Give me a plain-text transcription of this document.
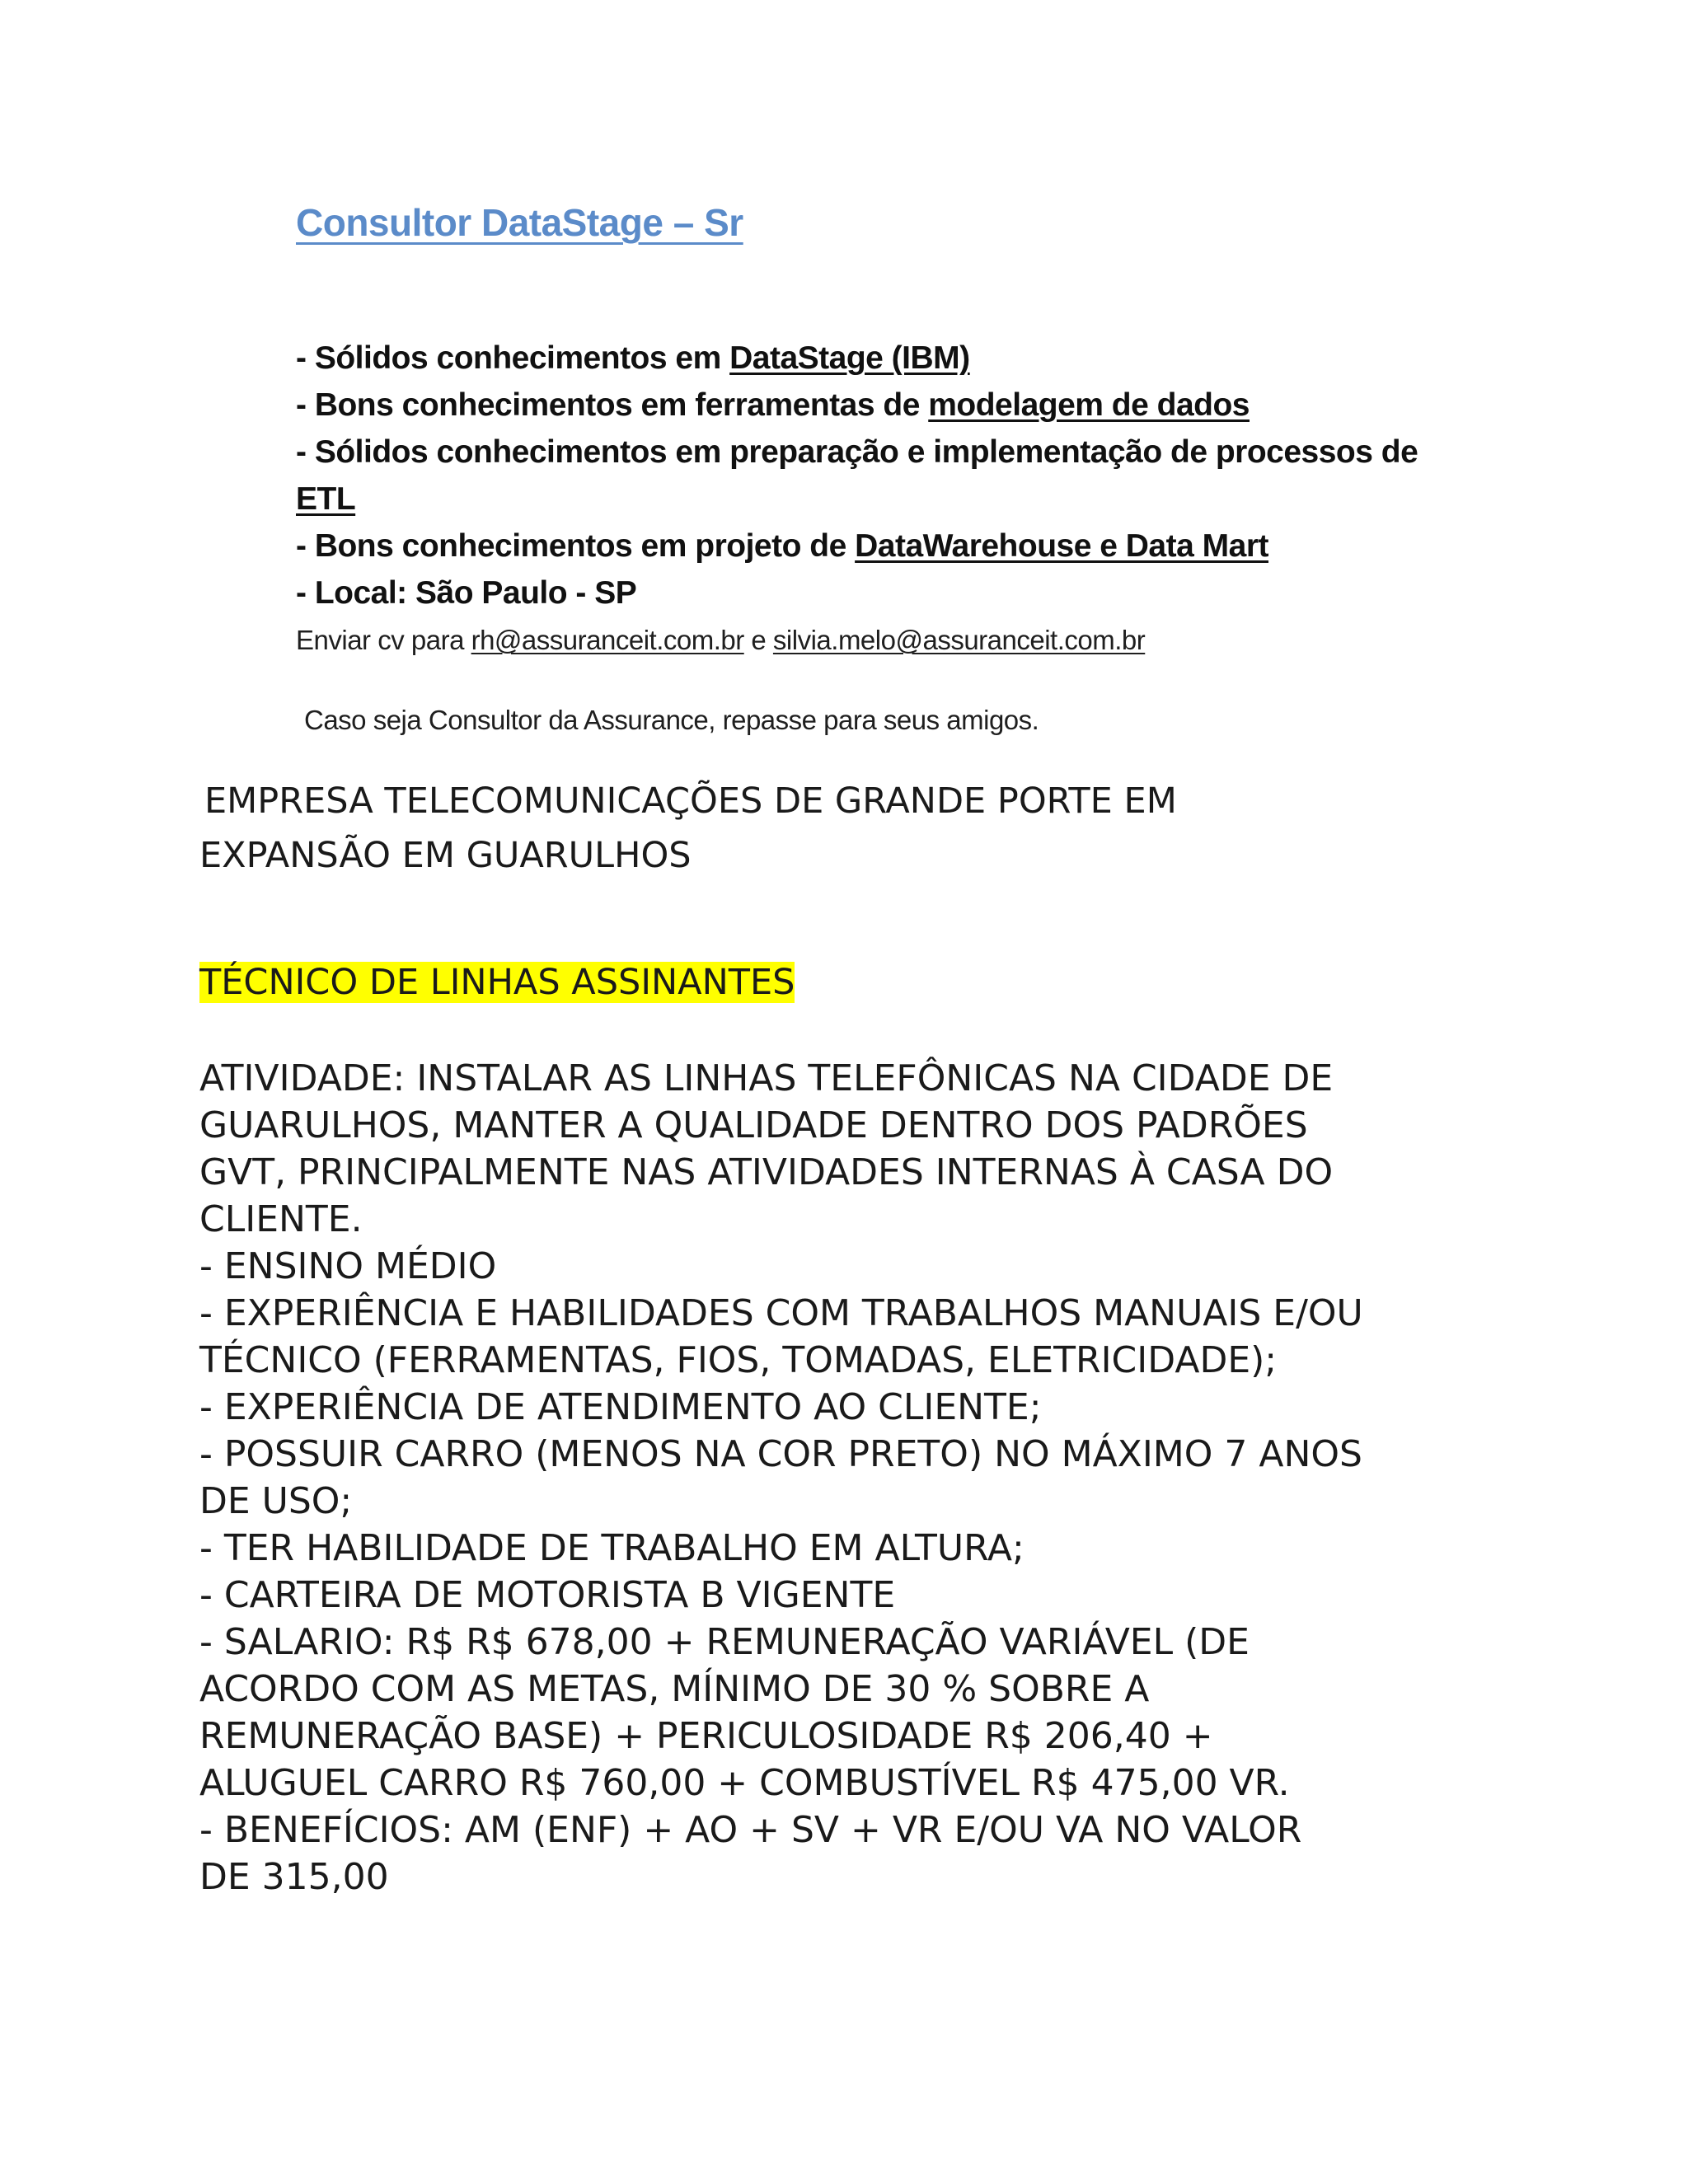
Consultor DataStage – Sr
- Sólidos conhecimentos em DataStage (IBM)
- Bons conhecimentos em ferramentas de modelagem de dados
- Sólidos conhecimentos em preparação e implementação de processos de
ETL
- Bons conhecimentos em projeto de DataWarehouse e Data Mart
- Local: São Paulo - SP
Enviar cv para rh@assuranceit.com.br e silvia.melo@assuranceit.com.br
Caso seja Consultor da Assurance, repasse para seus amigos.
EMPRESA TELECOMUNICAÇÕES DE GRANDE PORTE EM
EXPANSÃO EM GUARULHOS
TÉCNICO DE LINHAS ASSINANTES
ATIVIDADE: INSTALAR AS LINHAS TELEFÔNICAS NA CIDADE DE
GUARULHOS, MANTER A QUALIDADE DENTRO DOS PADRÕES
GVT, PRINCIPALMENTE NAS ATIVIDADES INTERNAS À CASA DO
CLIENTE.
- ENSINO MÉDIO
- EXPERIÊNCIA E HABILIDADES COM TRABALHOS MANUAIS E/OU
TÉCNICO (FERRAMENTAS, FIOS, TOMADAS, ELETRICIDADE);
- EXPERIÊNCIA DE ATENDIMENTO AO CLIENTE;
- POSSUIR CARRO (MENOS NA COR PRETO) NO MÁXIMO 7 ANOS
DE USO;
- TER HABILIDADE DE TRABALHO EM ALTURA;
- CARTEIRA DE MOTORISTA B VIGENTE
- SALARIO: R$ R$ 678,00 + REMUNERAÇÃO VARIÁVEL (DE
ACORDO COM AS METAS, MÍNIMO DE 30 % SOBRE A
REMUNERAÇÃO BASE) + PERICULOSIDADE R$ 206,40 +
ALUGUEL CARRO R$ 760,00 + COMBUSTÍVEL R$ 475,00 VR.
- BENEFÍCIOS: AM (ENF) + AO + SV + VR E/OU VA NO VALOR
DE 315,00
